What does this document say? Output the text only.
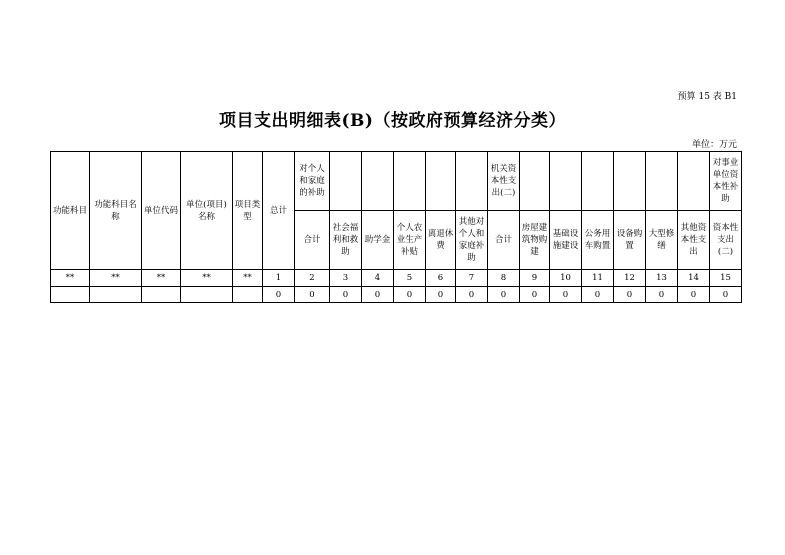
预算 15 表 B1
项目支出明细表(B)（按政府预算经济分类）
单位：万元
功能科目	功能科目名称	单位代码	单位(项目)名称	项目类型	总计	对个人和家庭的补助						机关资本性支出(二)							对事业单位资本性补助
						合计	社会福利和救助	助学金	个人农业生产补贴	离退休费	其他对个人和家庭补助	合计	房屋建筑物购建	基础设施建设	公务用车购置	设备购置	大型修缮	其他资本性支出	资本性支出(二)
**	**	**	**	**	1	2	3	4	5	6	7	8	9	10	11	12	13	14	15
					0	0	0	0	0	0	0	0	0	0	0	0	0	0	0
